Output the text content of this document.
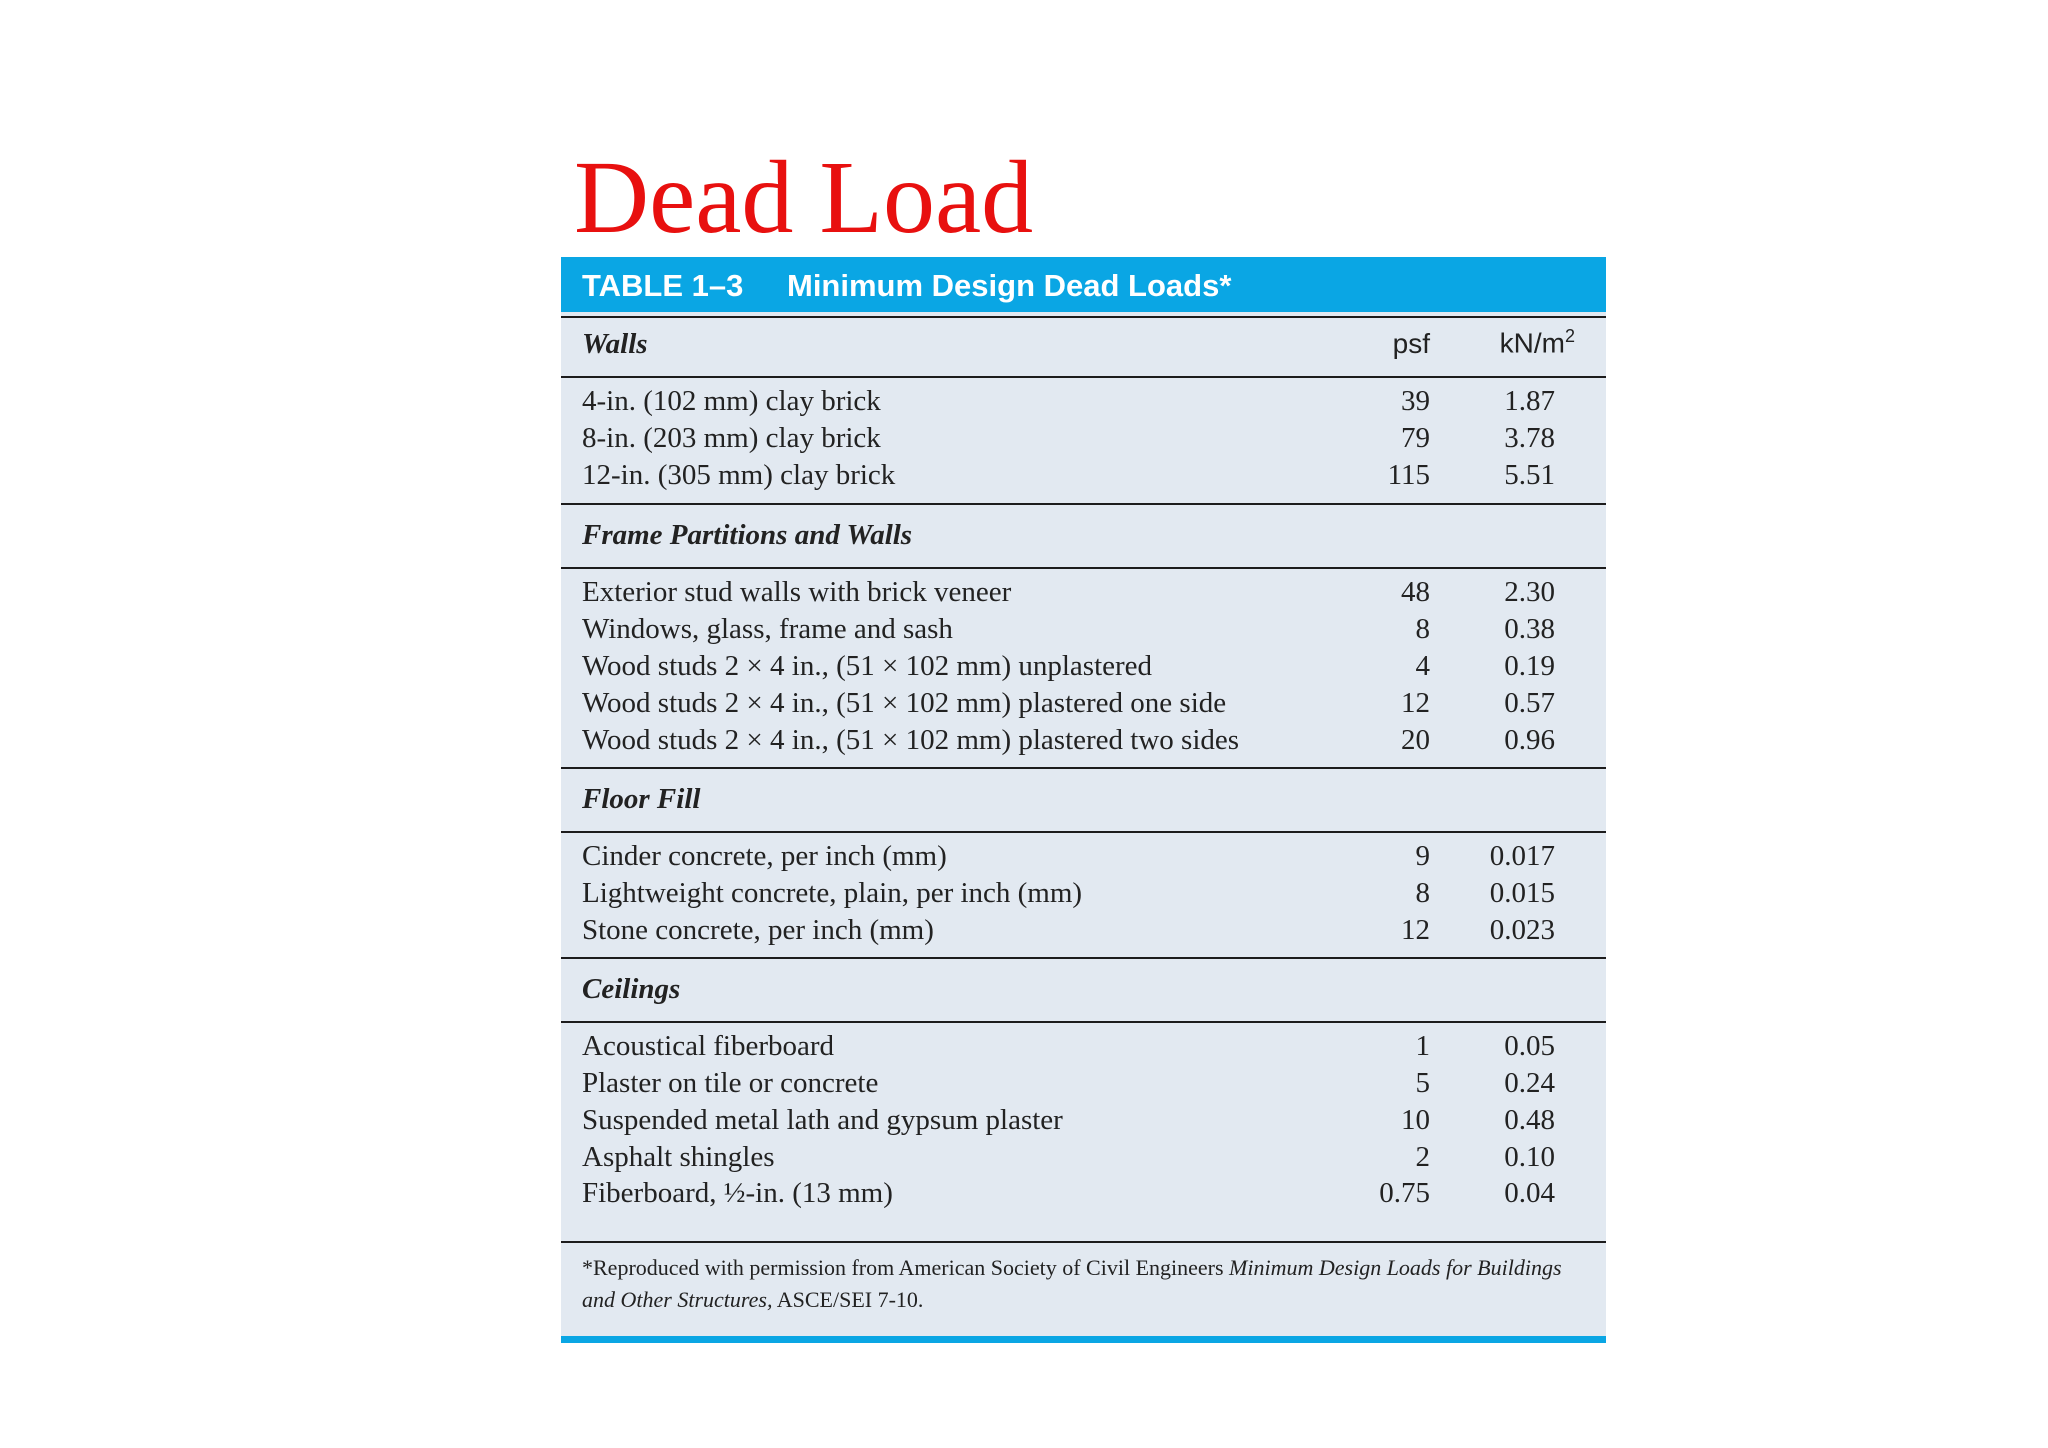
Dead Load
TABLE 1–3 Minimum Design Dead Loads*
Walls	psf $kN/m^2$
4-in. (102 mm) clay brick	39	1.87
8-in. (203 mm) clay brick	79	3.78
12-in. (305 mm) clay brick	115	5.51
Frame Partitions and Walls
Exterior stud walls with brick veneer	48	2.30
Windows, glass, frame and sash	8	0.38
Wood studs 2 × 4 in., (51 × 102 mm) unplastered	4	0.19
Wood studs 2 × 4 in., (51 × 102 mm) plastered one side	12	0.57
Wood studs 2 × 4 in., (51 × 102 mm) plastered two sides	20	0.96
Floor Fill
Cinder concrete, per inch (mm)	9 0.017
Lightweight concrete, plain, per inch (mm)	8 0.015
Stone concrete, per inch (mm)	12 0.023
Ceilings
Acoustical fiberboard	1	0.05
Plaster on tile or concrete	5	0.24
Suspended metal lath and gypsum plaster	10	0.48
Asphalt shingles	2	0.10
Fiberboard, ½-in. (13 mm)	0.75	0.04
*Reproduced with permission from American Society of Civil Engineers Minimum Design Loads for Buildings and Other Structures, ASCE/SEI 7-10.
